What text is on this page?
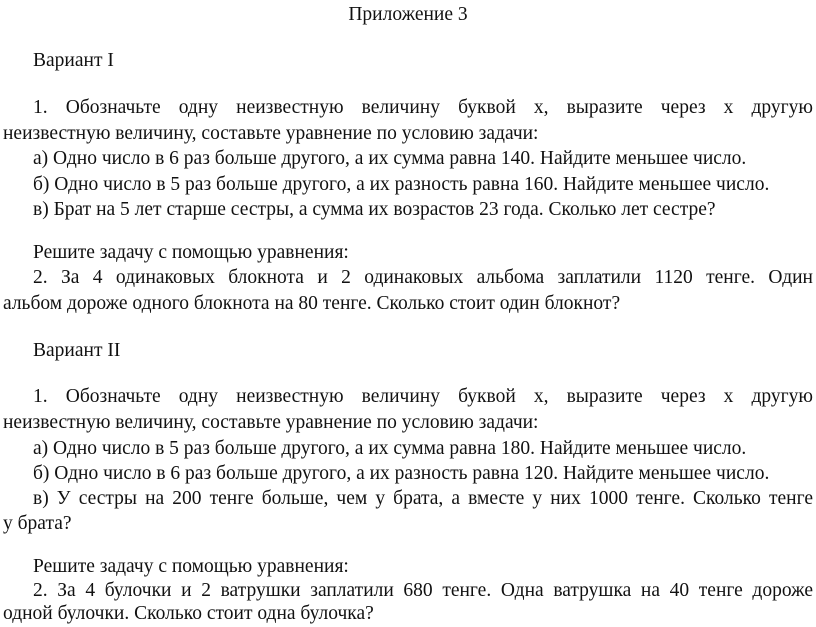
Приложение 3
Вариант I
1. Обозначьте одну неизвестную величину буквой х, выразите через х другую
неизвестную величину, составьте уравнение по условию задачи:
а) Одно число в 6 раз больше другого, а их сумма равна 140. Найдите меньшее число.
б) Одно число в 5 раз больше другого, а их разность равна 160. Найдите меньшее число.
в) Брат на 5 лет старше сестры, а сумма их возрастов 23 года. Сколько лет сестре?
Решите задачу с помощью уравнения:
2. За 4 одинаковых блокнота и 2 одинаковых альбома заплатили 1120 тенге. Один
альбом дороже одного блокнота на 80 тенге. Сколько стоит один блокнот?
Вариант II
1. Обозначьте одну неизвестную величину буквой х, выразите через х другую
неизвестную величину, составьте уравнение по условию задачи:
а) Одно число в 5 раз больше другого, а их сумма равна 180. Найдите меньшее число.
б) Одно число в 6 раз больше другого, а их разность равна 120. Найдите меньшее число.
в) У сестры на 200 тенге больше, чем у брата, а вместе у них 1000 тенге. Сколько тенге
у брата?
Решите задачу с помощью уравнения:
2. За 4 булочки и 2 ватрушки заплатили 680 тенге. Одна ватрушка на 40 тенге дороже
одной булочки. Сколько стоит одна булочка?
